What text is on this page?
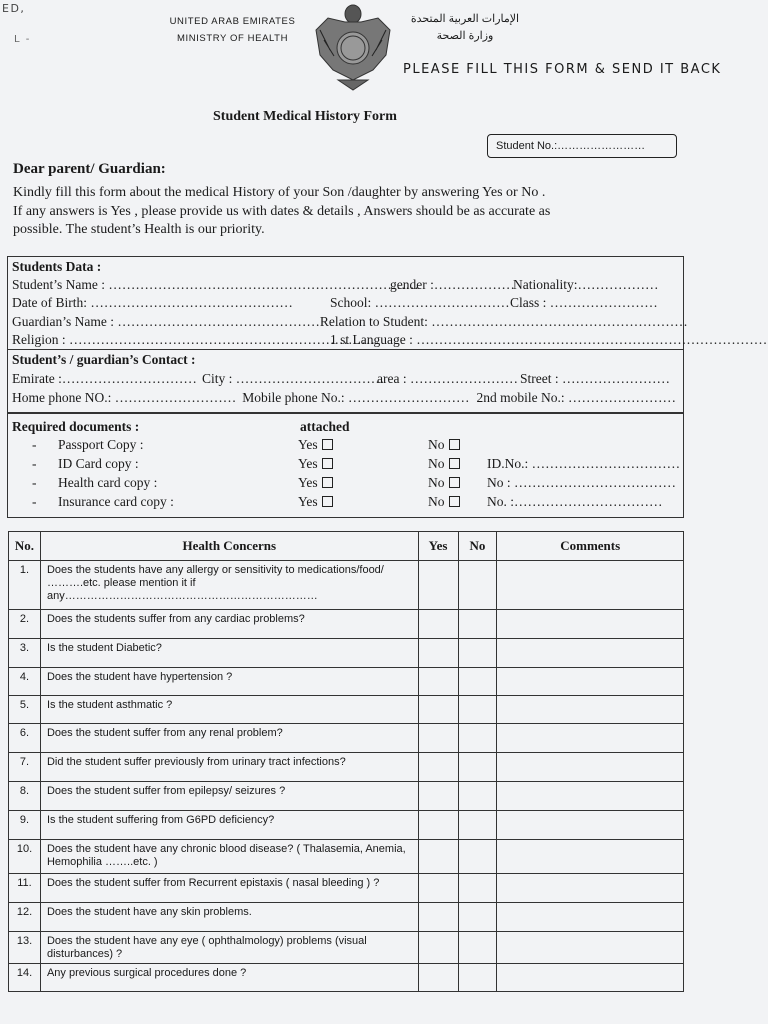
ED,
L -
UNITED ARAB EMIRATES
MINISTRY OF HEALTH
الإمارات العربية المتحدة
وزارة الصحة
PLEASE FILL THIS FORM & SEND IT BACK
Student Medical History Form
Student No.:……………………
Dear parent/ Guardian:
Kindly fill this form about the medical History of your Son /daughter by answering Yes or No .
If any answers is Yes , please provide us with dates & details , Answers should be as accurate as
possible. The student’s Health is our priority.
Students Data :
Student’s Name : ……………………………………………………………
gender :………………
Nationality:………………
Date of Birth: ………………………………………	School: ………………………… Class : ……………………
Guardian’s Name : ……………………………………… Relation to Student: …………………………………………………
Religion : ……………………………………………………………
1 st Language : ……………………………………………………………………
Student’s / guardian’s Contact :
Emirate :………………………… City : ……………………………
area : …………………… Street : ……………………
Home phone NO.: ……………………… Mobile phone No.: ……………………… 2nd mobile No.: ……………………
Required documents :	attached
- Passport Copy :	Yes	No
- ID Card copy :	Yes	No	ID.No.: ……………………………
- Health card copy :	Yes	No	No : ………………………………
- Insurance card copy :	Yes	No	No. :……………………………
No.	Health Concerns	Yes	No	Comments
1.	Does the students have any allergy or sensitivity to medications/food/ ……….etc. please mention it if any……………………………………………………………			
2.	Does the students suffer from any cardiac problems?			
3.	Is the student Diabetic?			
4.	Does the student have hypertension ?			
5.	Is the student asthmatic ?			
6.	Does the student suffer from any renal problem?			
7.	Did the student suffer previously from urinary tract infections?			
8.	Does the student suffer from epilepsy/ seizures ?			
9.	Is the student suffering from G6PD deficiency?			
10.	Does the student have any chronic blood disease? ( Thalasemia, Anemia, Hemophilia ……..etc. )			
11.	Does the student suffer from Recurrent epistaxis ( nasal bleeding ) ?			
12.	Does the student have any skin problems.			
13.	Does the student have any eye ( ophthalmology) problems (visual disturbances) ?			
14.	Any previous surgical procedures done ?			
